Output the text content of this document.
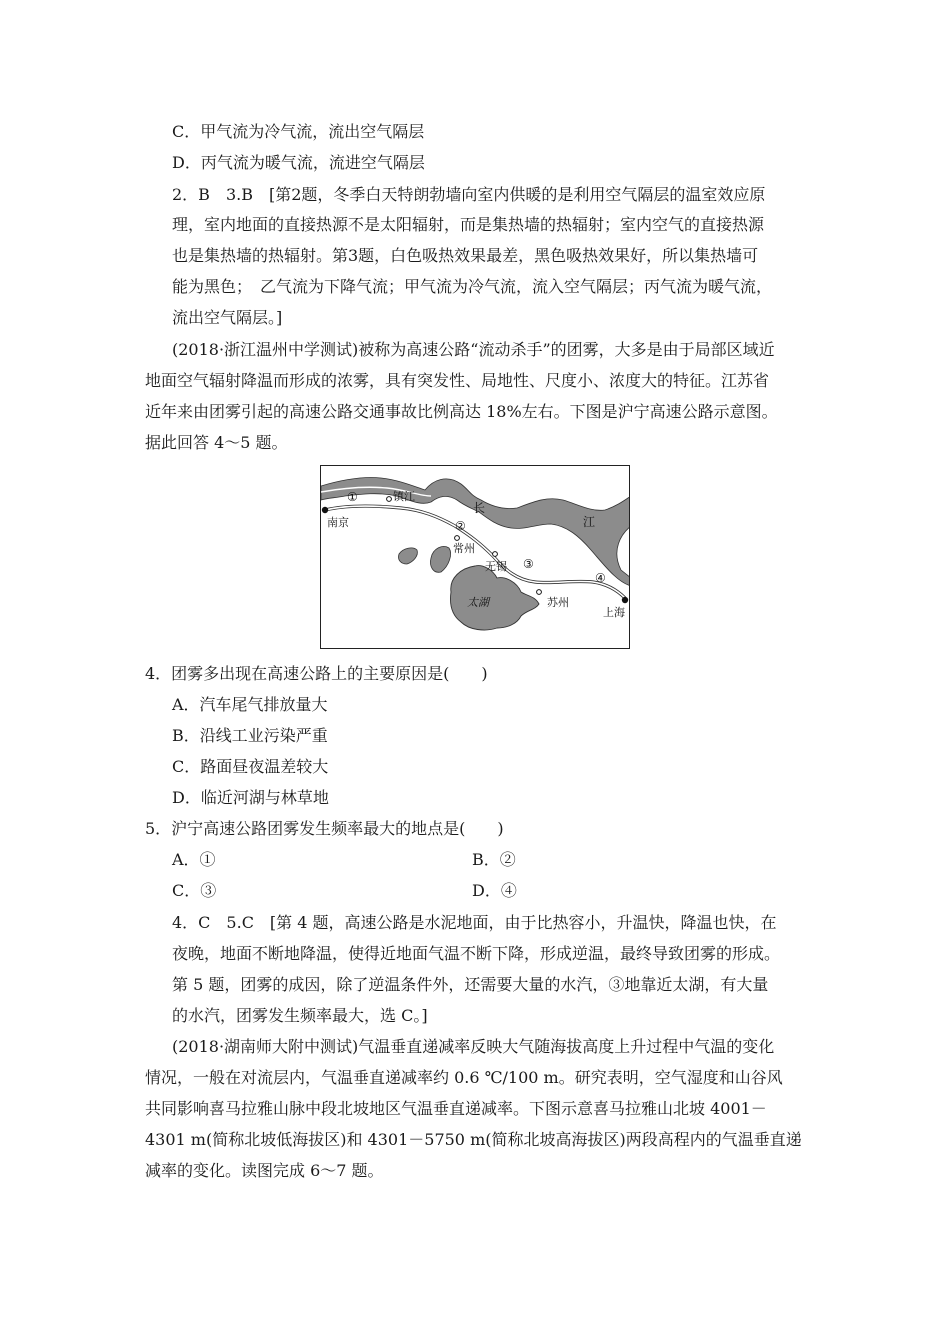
C．甲气流为冷气流，流出空气隔层
D．丙气流为暖气流，流进空气隔层
2．B　3.B　[第2题，冬季白天特朗勃墙向室内供暖的是利用空气隔层的温室效应原
理，室内地面的直接热源不是太阳辐射，而是集热墙的热辐射；室内空气的直接热源
也是集热墙的热辐射。第3题，白色吸热效果最差，黑色吸热效果好，所以集热墙可
能为黑色；　乙气流为下降气流；甲气流为冷气流，流入空气隔层；丙气流为暖气流，
流出空气隔层。]
(2018·浙江温州中学测试)被称为高速公路“流动杀手”的团雾，大多是由于局部区域近
地面空气辐射降温而形成的浓雾，具有突发性、局地性、尺度小、浓度大的特征。江苏省
近年来由团雾引起的高速公路交通事故比例高达 18%左右。下图是沪宁高速公路示意图。
据此回答 4～5 题。
南京
镇江
常州
无锡
苏州
上海
长
江
太湖
①
②
③
④
4．团雾多出现在高速公路上的主要原因是(　　)
A．汽车尾气排放量大
B．沿线工业污染严重
C．路面昼夜温差较大
D．临近河湖与林草地
5．沪宁高速公路团雾发生频率最大的地点是(　　)
A．①	B．②
C．③	D．④
4．C　5.C　[第 4 题，高速公路是水泥地面，由于比热容小，升温快，降温也快，在
夜晚，地面不断地降温，使得近地面气温不断下降，形成逆温，最终导致团雾的形成。
第 5 题，团雾的成因，除了逆温条件外，还需要大量的水汽，③地靠近太湖，有大量
的水汽，团雾发生频率最大，选 C。]
(2018·湖南师大附中测试)气温垂直递减率反映大气随海拔高度上升过程中气温的变化
情况，一般在对流层内，气温垂直递减率约 0.6 ℃/100 m。研究表明，空气湿度和山谷风
共同影响喜马拉雅山脉中段北坡地区气温垂直递减率。下图示意喜马拉雅山北坡 4001－
4301 m(简称北坡低海拔区)和 4301－5750 m(简称北坡高海拔区)两段高程内的气温垂直递
减率的变化。读图完成 6～7 题。
